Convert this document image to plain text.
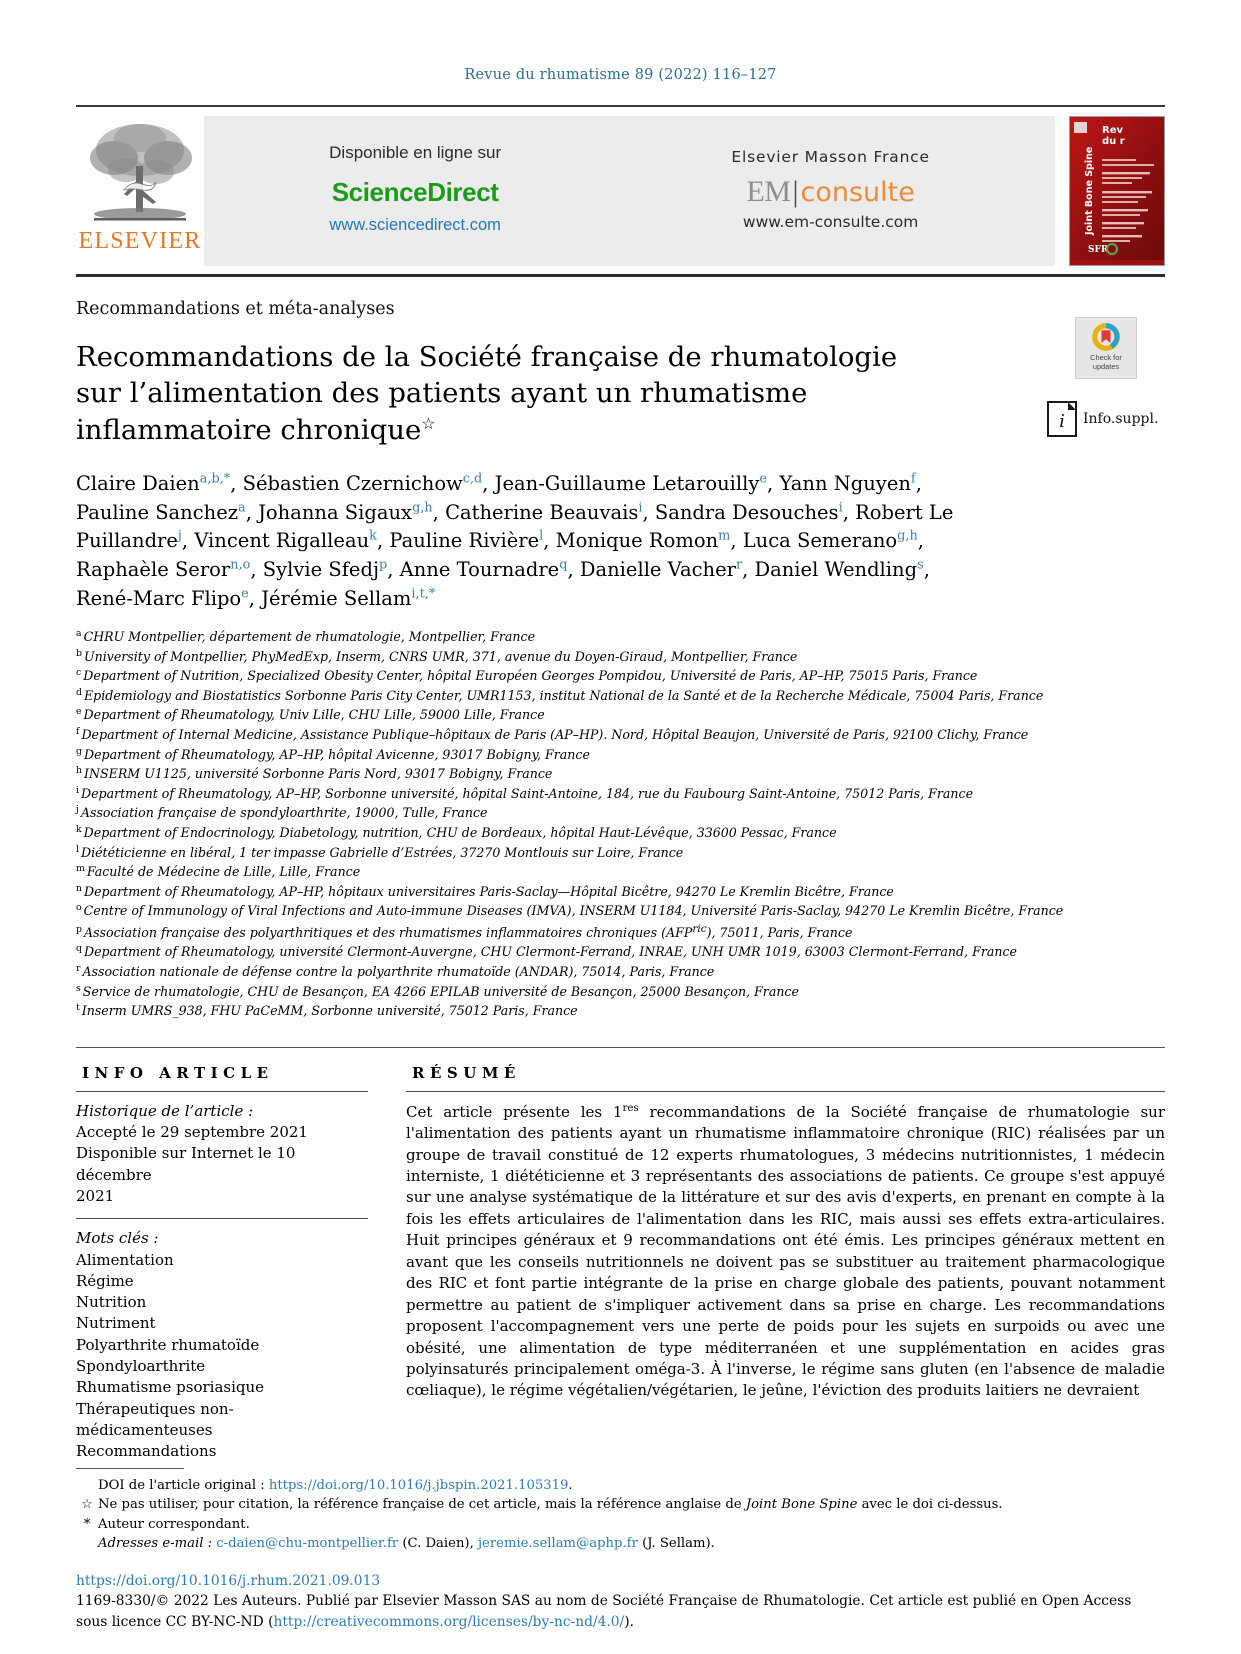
Revue du rhumatisme 89 (2022) 116–127
ELSEVIER
Disponible en ligne sur
ScienceDirect
www.sciencedirect.com
Elsevier Masson France
EM|consulte
www.em-consulte.com
Rev
du r
Joint Bone Spine
SFR
Check for
updates
i Info.suppl.
Recommandations et méta-analyses
Recommandations de la Société française de rhumatologie sur l’alimentation des patients ayant un rhumatisme inflammatoire chronique☆
Claire Daien$^{a,b,*}$, Sébastien Czernichow$^{c,d}$, Jean-Guillaume Letarouilly$^e$, Yann Nguyen$^f$, Pauline Sanchez$^a$, Johanna Sigaux$^{g,h}$, Catherine Beauvais$^i$, Sandra Desouches$^i$, Robert Le Puillandre$^j$, Vincent Rigalleau$^k$, Pauline Rivière$^l$, Monique Romon$^m$, Luca Semerano$^{g,h}$, Raphaèle Seror$^{n,o}$, Sylvie Sfedj$^p$, Anne Tournadre$^q$, Danielle Vacher$^r$, Daniel Wendling$^s$, René-Marc Flipo$^e$, Jérémie Sellam$^{i,t,*}$
$^a$ CHRU Montpellier, département de rhumatologie, Montpellier, France
$^b$ University of Montpellier, PhyMedExp, Inserm, CNRS UMR, 371, avenue du Doyen-Giraud, Montpellier, France
$^c$ Department of Nutrition, Specialized Obesity Center, hôpital Européen Georges Pompidou, Université de Paris, AP–HP, 75015 Paris, France
$^d$ Epidemiology and Biostatistics Sorbonne Paris City Center, UMR1153, institut National de la Santé et de la Recherche Médicale, 75004 Paris, France
$^e$ Department of Rheumatology, Univ Lille, CHU Lille, 59000 Lille, France
$^f$ Department of Internal Medicine, Assistance Publique–hôpitaux de Paris (AP–HP). Nord, Hôpital Beaujon, Université de Paris, 92100 Clichy, France
$^g$ Department of Rheumatology, AP–HP, hôpital Avicenne, 93017 Bobigny, France
$^h$ INSERM U1125, université Sorbonne Paris Nord, 93017 Bobigny, France
$^i$ Department of Rheumatology, AP–HP, Sorbonne université, hôpital Saint-Antoine, 184, rue du Faubourg Saint-Antoine, 75012 Paris, France
$^j$ Association française de spondyloarthrite, 19000, Tulle, France
$^k$ Department of Endocrinology, Diabetology, nutrition, CHU de Bordeaux, hôpital Haut-Lévêque, 33600 Pessac, France
$^l$ Diététicienne en libéral, 1 ter impasse Gabrielle d’Estrées, 37270 Montlouis sur Loire, France
$^m$ Faculté de Médecine de Lille, Lille, France
$^n$ Department of Rheumatology, AP–HP, hôpitaux universitaires Paris-Saclay—Hôpital Bicêtre, 94270 Le Kremlin Bicêtre, France
$^o$ Centre of Immunology of Viral Infections and Auto-immune Diseases (IMVA), INSERM U1184, Université Paris-Saclay, 94270 Le Kremlin Bicêtre, France
$^p$ Association française des polyarthritiques et des rhumatismes inflammatoires chroniques $(AFP^{ric})$, 75011, Paris, France
$^q$ Department of Rheumatology, université Clermont-Auvergne, CHU Clermont-Ferrand, INRAE, UNH UMR 1019, 63003 Clermont-Ferrand, France
$^r$ Association nationale de défense contre la polyarthrite rhumatoïde (ANDAR), 75014, Paris, France
$^s$ Service de rhumatologie, CHU de Besançon, EA 4266 EPILAB université de Besançon, 25000 Besançon, France
$^t$ Inserm UMRS_938, FHU PaCeMM, Sorbonne université, 75012 Paris, France
INFO ARTICLE
Historique de l’article :
Accepté le 29 septembre 2021
Disponible sur Internet le 10 décembre
2021
Mots clés :
Alimentation
Régime
Nutrition
Nutriment
Polyarthrite rhumatoïde
Spondyloarthrite
Rhumatisme psoriasique
Thérapeutiques non-médicamenteuses
Recommandations
RÉSUMÉ
Cet article présente les 1res recommandations de la Société française de rhumatologie sur l'alimentation des patients ayant un rhumatisme inflammatoire chronique (RIC) réalisées par un groupe de travail constitué de 12 experts rhumatologues, 3 médecins nutritionnistes, 1 médecin interniste, 1 diététicienne et 3 représentants des associations de patients. Ce groupe s'est appuyé sur une analyse systématique de la littérature et sur des avis d'experts, en prenant en compte à la fois les effets articulaires de l'alimentation dans les RIC, mais aussi ses effets extra-articulaires. Huit principes généraux et 9 recommandations ont été émis. Les principes généraux mettent en avant que les conseils nutritionnels ne doivent pas se substituer au traitement pharmacologique des RIC et font partie intégrante de la prise en charge globale des patients, pouvant notamment permettre au patient de s'impliquer activement dans sa prise en charge. Les recommandations proposent l'accompagnement vers une perte de poids pour les sujets en surpoids ou avec une obésité, une alimentation de type méditerranéen et une supplémentation en acides gras polyinsaturés principalement oméga-3. À l'inverse, le régime sans gluten (en l'absence de maladie cœliaque), le régime végétalien/végétarien, le jeûne, l'éviction des produits laitiers ne devraient
DOI de l'article original : https://doi.org/10.1016/j.jbspin.2021.105319.
☆ Ne pas utiliser, pour citation, la référence française de cet article, mais la référence anglaise de Joint Bone Spine avec le doi ci-dessus.
* Auteur correspondant.
Adresses e-mail : c-daien@chu-montpellier.fr (C. Daien), jeremie.sellam@aphp.fr (J. Sellam).
https://doi.org/10.1016/j.rhum.2021.09.013
1169-8330/© 2022 Les Auteurs. Publié par Elsevier Masson SAS au nom de Société Française de Rhumatologie. Cet article est publié en Open Access sous licence CC BY-NC-ND (http://creativecommons.org/licenses/by-nc-nd/4.0/).
